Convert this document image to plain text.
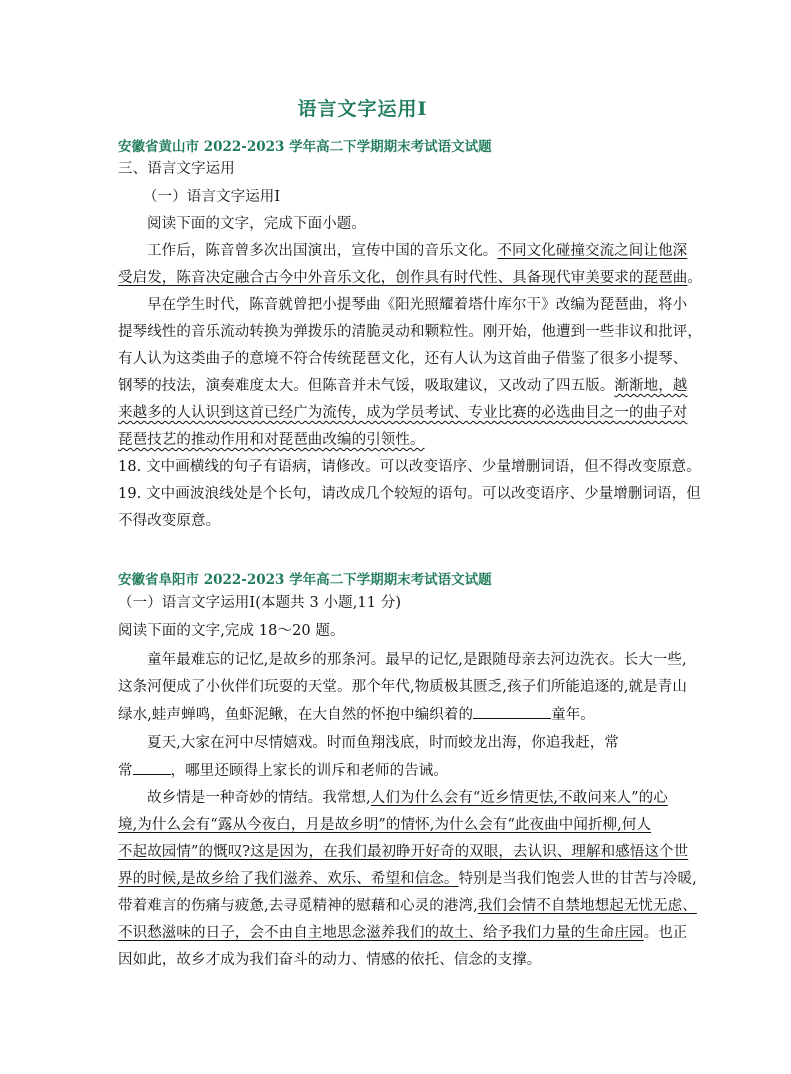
语言文字运用Ⅰ
安徽省黄山市 2022-2023 学年高二下学期期末考试语文试题
三、语言文字运用
（一）语言文字运用Ⅰ
阅读下面的文字，完成下面小题。
工作后，陈音曾多次出国演出，宣传中国的音乐文化。不同文化碰撞交流之间让他深
受启发，陈音决定融合古今中外音乐文化，创作具有时代性、具备现代审美要求的琵琶曲。
早在学生时代，陈音就曾把小提琴曲《阳光照耀着塔什库尔干》改编为琵琶曲，将小
提琴线性的音乐流动转换为弹拨乐的清脆灵动和颗粒性。刚开始，他遭到一些非议和批评，
有人认为这类曲子的意境不符合传统琵琶文化，还有人认为这首曲子借鉴了很多小提琴、
钢琴的技法，演奏难度太大。但陈音并未气馁，吸取建议，又改动了四五版。渐渐地，越
来越多的人认识到这首已经广为流传，成为学员考试、专业比赛的必选曲目之一的曲子对
琵琶技艺的推动作用和对琵琶曲改编的引领性。
18. 文中画横线的句子有语病，请修改。可以改变语序、少量增删词语，但不得改变原意。
19. 文中画波浪线处是个长句，请改成几个较短的语句。可以改变语序、少量增删词语，但
不得改变原意。
安徽省阜阳市 2022-2023 学年高二下学期期末考试语文试题
（一）语言文字运用Ⅰ(本题共 3 小题,11 分)
阅读下面的文字,完成 18～20 题。
童年最难忘的记忆,是故乡的那条河。最早的记忆,是跟随母亲去河边洗衣。长大一些,
这条河便成了小伙伴们玩耍的天堂。那个年代,物质极其匮乏,孩子们所能追逐的,就是青山
绿水,蛙声蝉鸣，鱼虾泥鳅，在大自然的怀抱中编织着的	童年。
夏天,大家在河中尽情嬉戏。时而鱼翔浅底，时而蛟龙出海，你追我赶，常
常	，哪里还顾得上家长的训斥和老师的告诫。
故乡情是一种奇妙的情结。我常想,人们为什么会有“近乡情更怯,不敢问来人”的心
境,为什么会有“露从今夜白，月是故乡明”的情怀,为什么会有“此夜曲中闻折柳,何人
不起故园情”的慨叹?这是因为，在我们最初睁开好奇的双眼，去认识、理解和感悟这个世
界的时候,是故乡给了我们滋养、欢乐、希望和信念。特别是当我们饱尝人世的甘苦与冷暖,
带着难言的伤痛与疲惫,去寻觅精神的慰藉和心灵的港湾,我们会情不自禁地想起无忧无虑、
不识愁滋味的日子，会不由自主地思念滋养我们的故土、给予我们力量的生命庄园。也正
因如此，故乡才成为我们奋斗的动力、情感的依托、信念的支撑。
